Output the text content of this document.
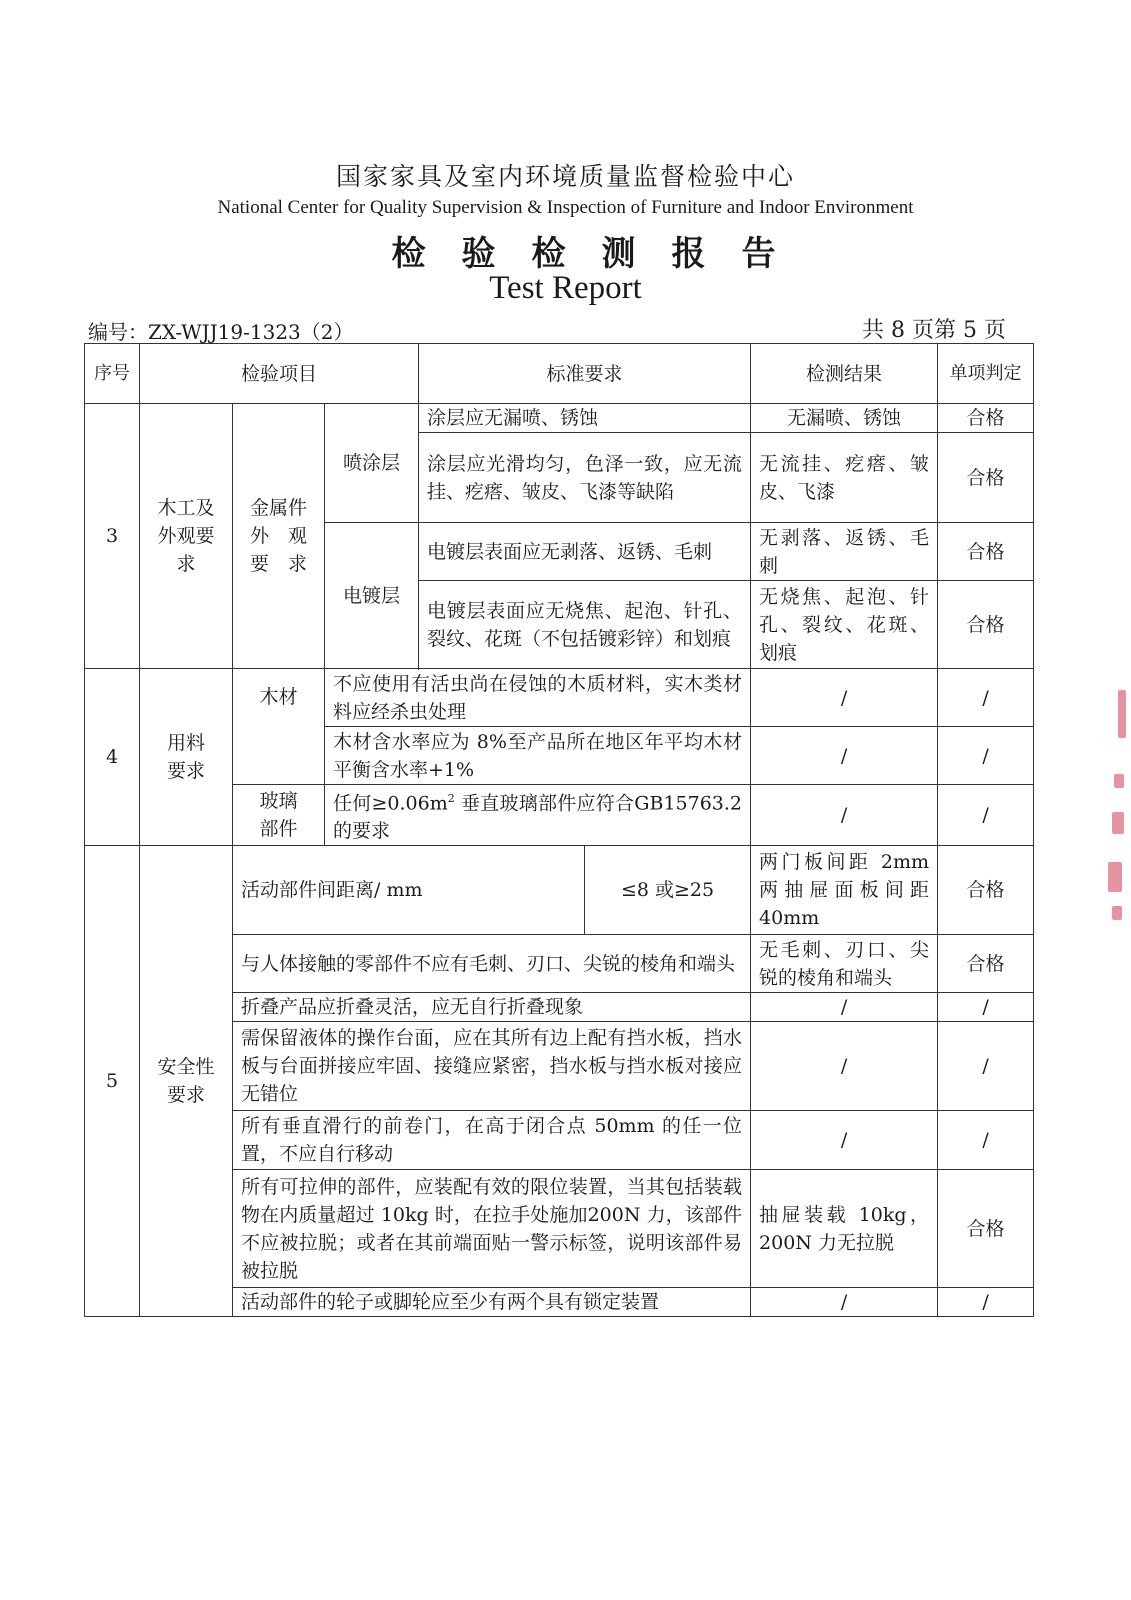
国家家具及室内环境质量监督检验中心
National Center for Quality Supervision & Inspection of Furniture and Indoor Environment
检验检测报告
Test Report
编号：ZX-WJJ19-1323（2）	共 8 页第 5 页
序号	检验项目			标准要求		检测结果	单项判定
3	木工及外观要求	金属件外　观要　求	喷涂层	涂层应无漏喷、锈蚀		无漏喷、锈蚀	合格
				涂层应光滑均匀，色泽一致，应无流挂、疙瘩、皱皮、飞漆等缺陷		无流挂、疙瘩、皱皮、飞漆	合格
			电镀层	电镀层表面应无剥落、返锈、毛刺		无剥落、返锈、毛刺	合格

				电镀层表面应无烧焦、起泡、针孔、裂纹、花斑（不包括镀彩锌）和划痕		无烧焦、起泡、针孔、裂纹、花斑、划痕	合格

4	用料要求	木材	不应使用有活虫尚在侵蚀的木质材料，实木类材料应经杀虫处理			/	/
			木材含水率应为 8%至产品所在地区年平均木材平衡含水率+1%			/	/
		玻璃部件	任何$\ge 0.06m^2$ 垂直玻璃部件应符合GB15763.2 的要求			/	/
5	安全性要求	活动部件间距离/ mm			≤8 或≥25	两门板间距 2mm 两抽屉面板间距 40mm	合格
		与人体接触的零部件不应有毛刺、刃口、尖锐的棱角和端头				无毛刺、刃口、尖锐的棱角和端头	合格
		折叠产品应折叠灵活，应无自行折叠现象				/	/
		需保留液体的操作台面，应在其所有边上配有挡水板，挡水板与台面拼接应牢固、接缝应紧密，挡水板与挡水板对接应无错位				/	/
		所有垂直滑行的前卷门，在高于闭合点 50mm 的任一位置，不应自行移动				/	/
		所有可拉伸的部件，应装配有效的限位装置，当其包括装载物在内质量超过 10kg 时，在拉手处施加200N 力，该部件不应被拉脱；或者在其前端面贴一警示标签，说明该部件易被拉脱				抽屉装载 10kg，200N 力无拉脱	合格
		活动部件的轮子或脚轮应至少有两个具有锁定装置				/	/
